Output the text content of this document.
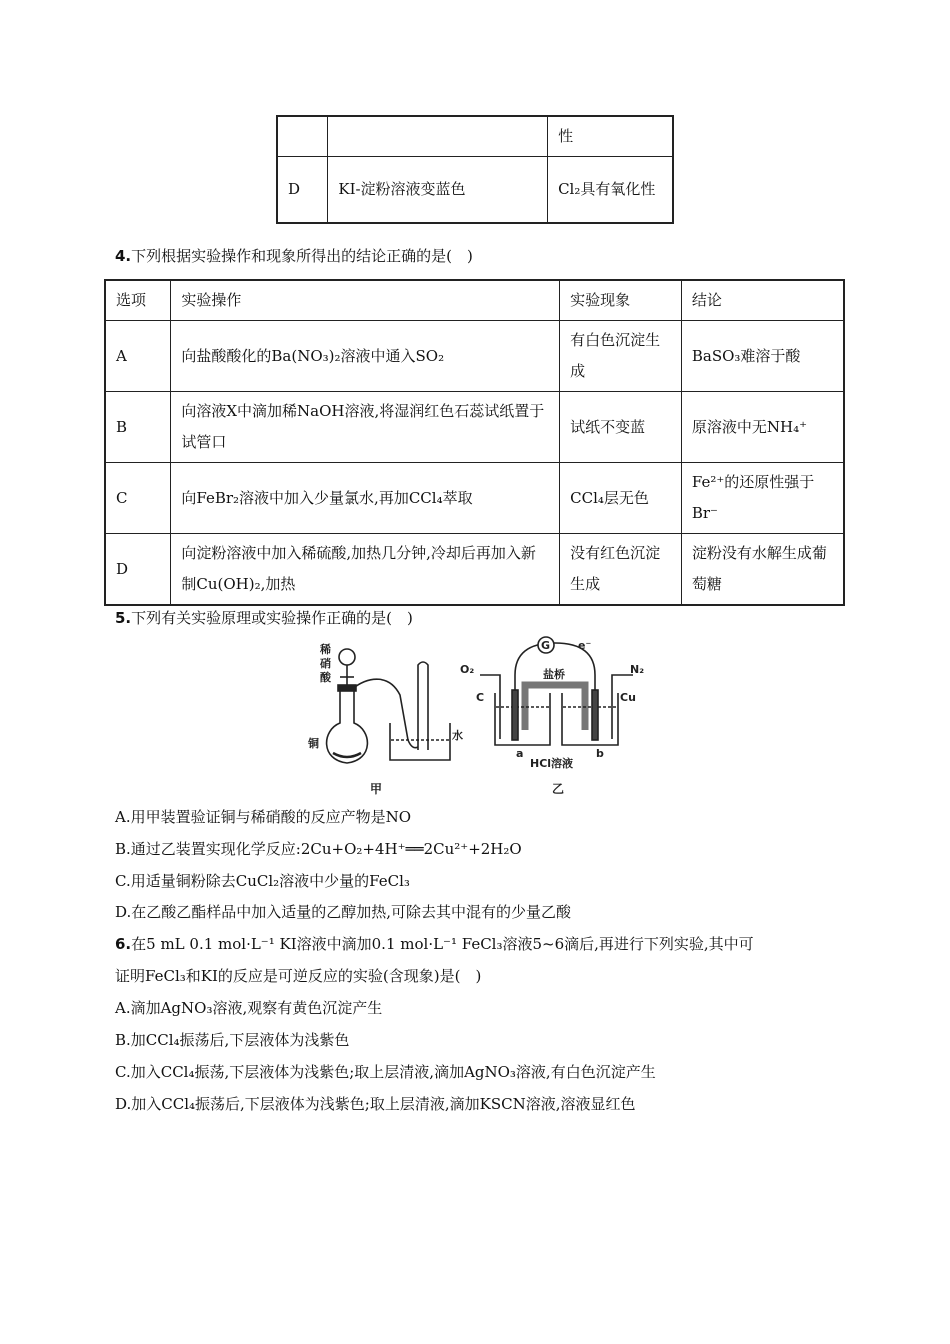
		性
D	KI-淀粉溶液变蓝色	Cl₂具有氧化性
4.下列根据实验操作和现象所得出的结论正确的是(　)
选项	实验操作	实验现象	结论
A	向盐酸酸化的Ba(NO₃)₂溶液中通入SO₂	有白色沉淀生成	BaSO₃难溶于酸
B	向溶液X中滴加稀NaOH溶液,将湿润红色石蕊试纸置于试管口	试纸不变蓝	原溶液中无NH₄⁺
C	向FeBr₂溶液中加入少量氯水,再加CCl₄萃取	CCl₄层无色	Fe²⁺的还原性强于Br⁻
D	向淀粉溶液中加入稀硫酸,加热几分钟,冷却后再加入新制Cu(OH)₂,加热	没有红色沉淀生成	淀粉没有水解生成葡萄糖
5.下列有关实验原理或实验操作正确的是(　)
稀
硝
酸
铜
水
甲
G	e⁻
盐桥
O₂	N₂
C	Cu
a	b
HCl溶液
乙
A.用甲装置验证铜与稀硝酸的反应产物是NO
B.通过乙装置实现化学反应:2Cu+O₂+4H⁺══2Cu²⁺+2H₂O
C.用适量铜粉除去CuCl₂溶液中少量的FeCl₃
D.在乙酸乙酯样品中加入适量的乙醇加热,可除去其中混有的少量乙酸
6.在5 mL 0.1 mol·L⁻¹ KI溶液中滴加0.1 mol·L⁻¹ FeCl₃溶液5~6滴后,再进行下列实验,其中可
证明FeCl₃和KI的反应是可逆反应的实验(含现象)是(　)
A.滴加AgNO₃溶液,观察有黄色沉淀产生
B.加CCl₄振荡后,下层液体为浅紫色
C.加入CCl₄振荡,下层液体为浅紫色;取上层清液,滴加AgNO₃溶液,有白色沉淀产生
D.加入CCl₄振荡后,下层液体为浅紫色;取上层清液,滴加KSCN溶液,溶液显红色
